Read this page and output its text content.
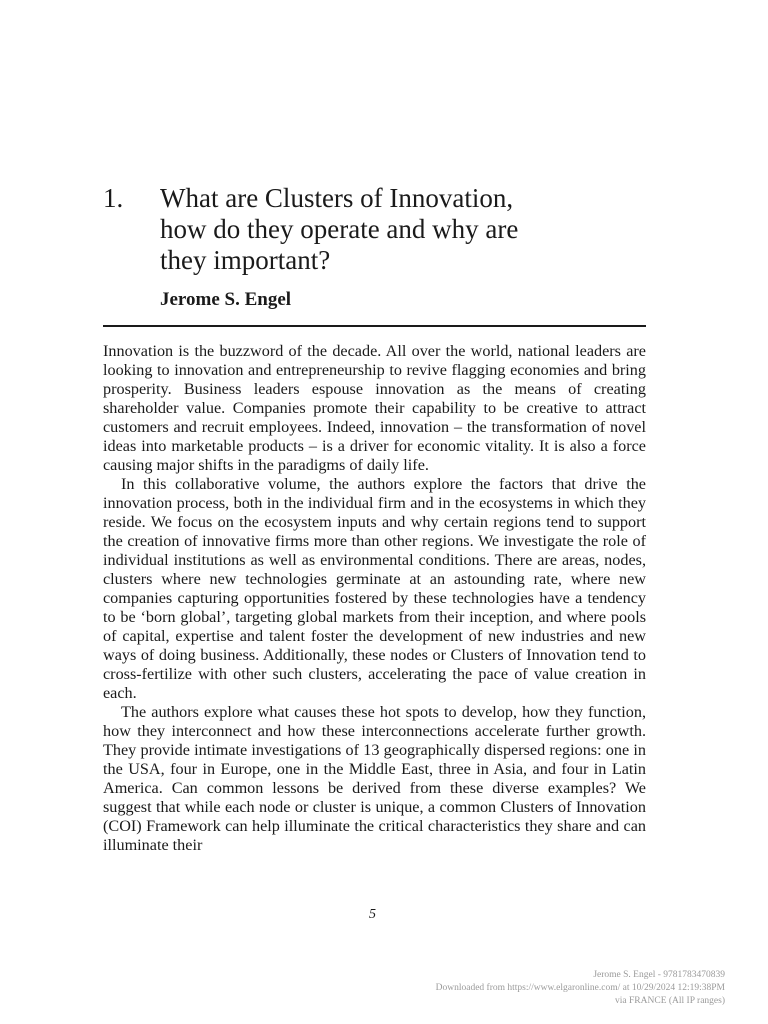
1. What are Clusters of Innovation,
how do they operate and why are
they important?

Jerome S. Engel

Innovation is the buzzword of the decade. All over the world, national leaders are looking to innovation and entrepreneurship to revive flagging economies and bring prosperity. Business leaders espouse innovation as the means of creating shareholder value. Companies promote their capability to be creative to attract customers and recruit employees. Indeed, innovation – the transformation of novel ideas into marketable products – is a driver for economic vitality. It is also a force causing major shifts in the paradigms of daily life.

In this collaborative volume, the authors explore the factors that drive the innovation process, both in the individual firm and in the ecosystems in which they reside. We focus on the ecosystem inputs and why certain regions tend to support the creation of innovative firms more than other regions. We investigate the role of individual institutions as well as environmental conditions. There are areas, nodes, clusters where new technologies germinate at an astounding rate, where new companies capturing opportunities fostered by these technologies have a tendency to be ‘born global’, targeting global markets from their inception, and where pools of capital, expertise and talent foster the development of new industries and new ways of doing business. Additionally, these nodes or Clusters of Innovation tend to cross-fertilize with other such clusters, accelerating the pace of value creation in each.

The authors explore what causes these hot spots to develop, how they function, how they interconnect and how these interconnections accelerate further growth. They provide intimate investigations of 13 geographically dispersed regions: one in the USA, four in Europe, one in the Middle East, three in Asia, and four in Latin America. Can common lessons be derived from these diverse examples? We suggest that while each node or cluster is unique, a common Clusters of Innovation (COI) Framework can help illuminate the critical characteristics they share and can illuminate their

5
Jerome S. Engel - 9781783470839
Downloaded from https://www.elgaronline.com/ at 10/29/2024 12:19:38PM
via FRANCE (All IP ranges)
